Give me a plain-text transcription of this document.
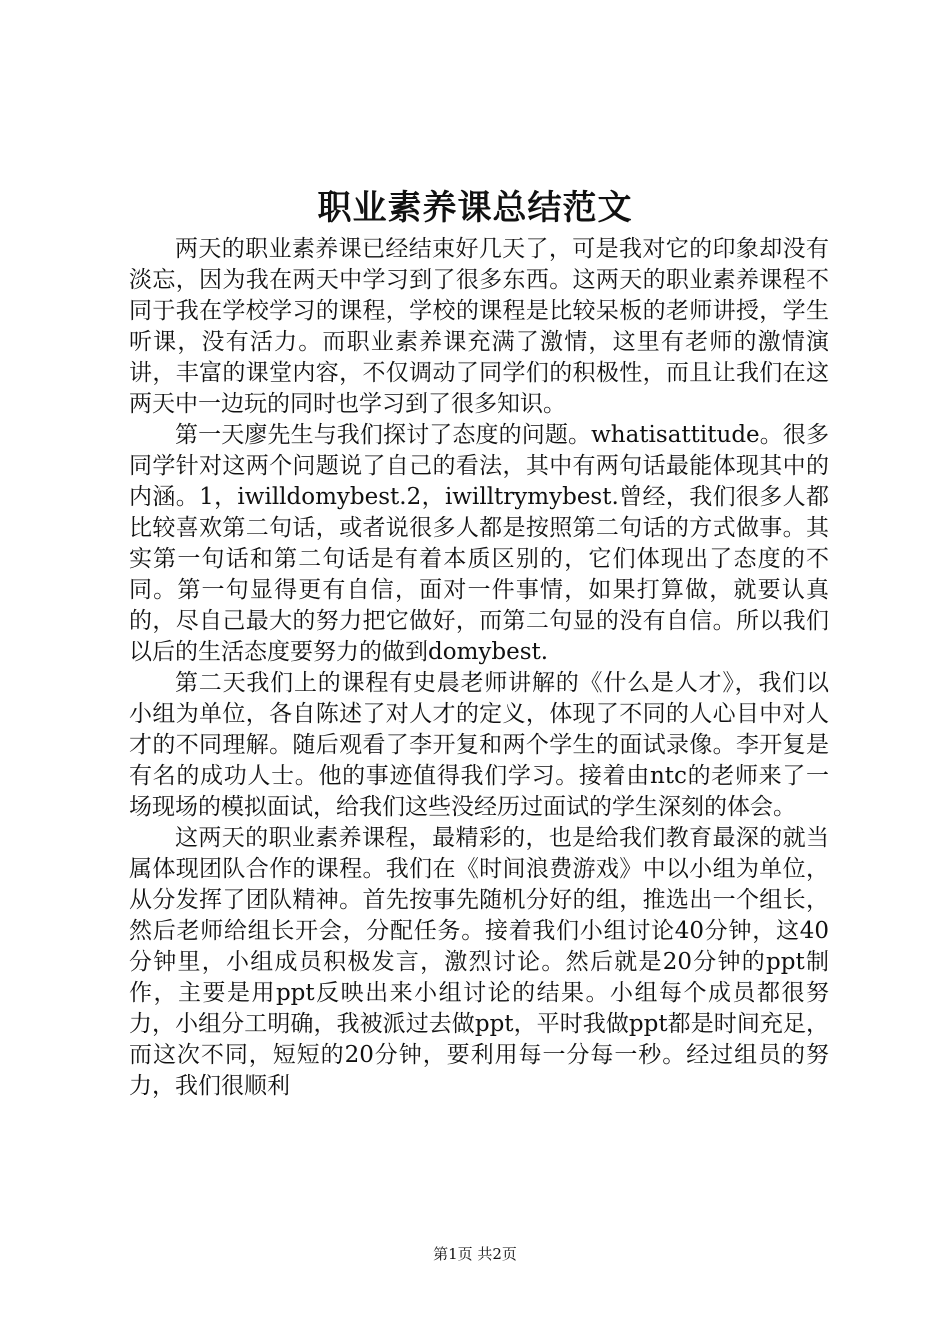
职业素养课总结范文

两天的职业素养课已经结束好几天了，可是我对它的印象却没有淡忘，因为我在两天中学习到了很多东西。这两天的职业素养课程不同于我在学校学习的课程，学校的课程是比较呆板的老师讲授，学生听课，没有活力。而职业素养课充满了激情，这里有老师的激情演讲，丰富的课堂内容，不仅调动了同学们的积极性，而且让我们在这两天中一边玩的同时也学习到了很多知识。

第一天廖先生与我们探讨了态度的问题。whatisattitude。很多同学针对这两个问题说了自己的看法，其中有两句话最能体现其中的内涵。1，iwilldomybest.2，iwilltrymybest.曾经，我们很多人都比较喜欢第二句话，或者说很多人都是按照第二句话的方式做事。其实第一句话和第二句话是有着本质区别的，它们体现出了态度的不同。第一句显得更有自信，面对一件事情，如果打算做，就要认真的，尽自己最大的努力把它做好，而第二句显的没有自信。所以我们以后的生活态度要努力的做到domybest.

第二天我们上的课程有史晨老师讲解的《什么是人才》，我们以小组为单位，各自陈述了对人才的定义，体现了不同的人心目中对人才的不同理解。随后观看了李开复和两个学生的面试录像。李开复是有名的成功人士。他的事迹值得我们学习。接着由ntc的老师来了一场现场的模拟面试，给我们这些没经历过面试的学生深刻的体会。

这两天的职业素养课程，最精彩的，也是给我们教育最深的就当属体现团队合作的课程。我们在《时间浪费游戏》中以小组为单位，从分发挥了团队精神。首先按事先随机分好的组，推选出一个组长，然后老师给组长开会，分配任务。接着我们小组讨论40分钟，这40分钟里，小组成员积极发言，激烈讨论。然后就是20分钟的ppt制作，主要是用ppt反映出来小组讨论的结果。小组每个成员都很努力，小组分工明确，我被派过去做ppt，平时我做ppt都是时间充足，而这次不同，短短的20分钟，要利用每一分每一秒。经过组员的努力，我们很顺利

第1页 共2页
